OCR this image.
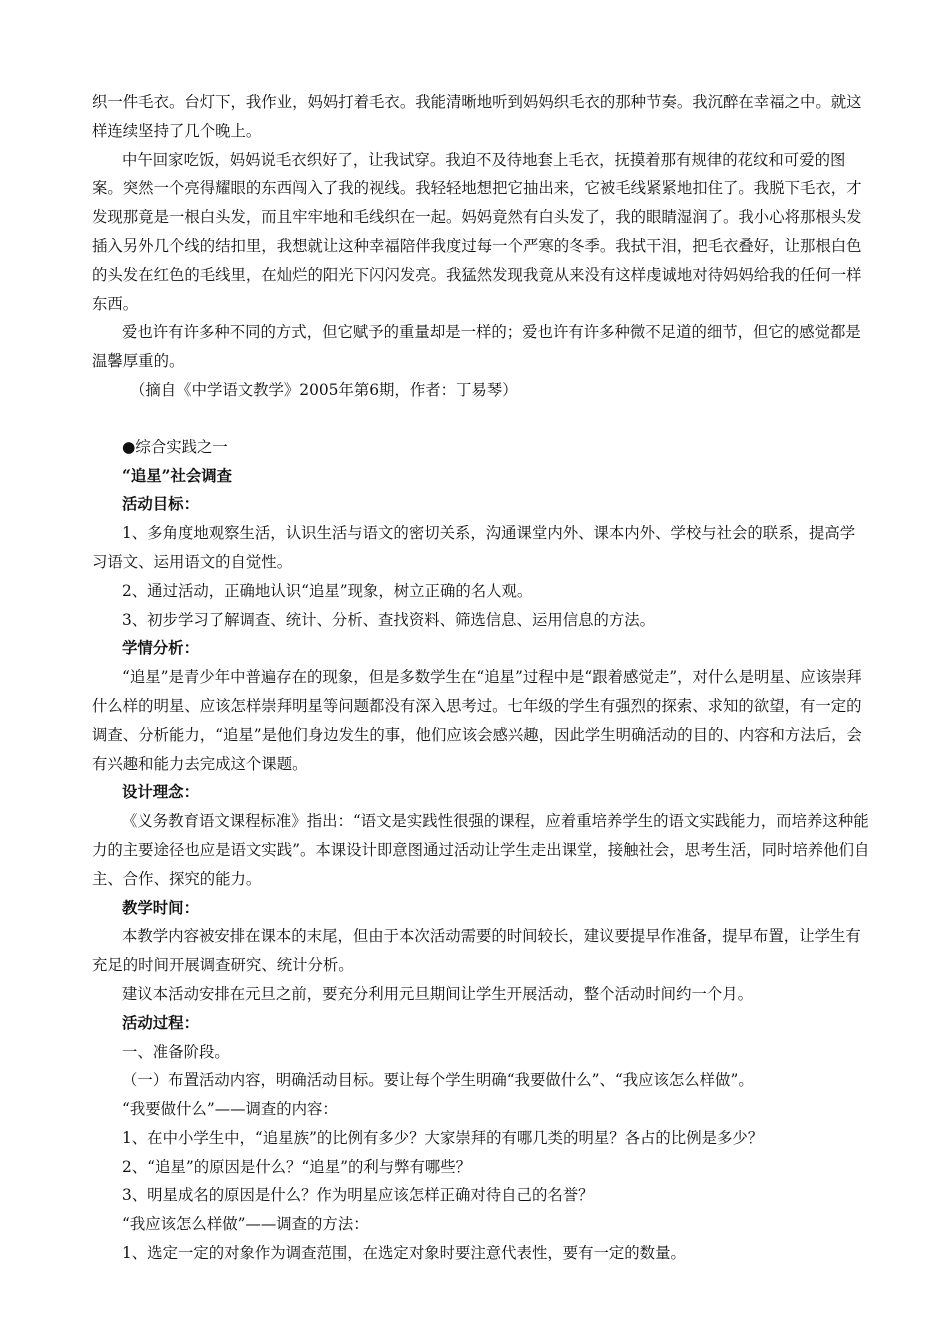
织一件毛衣。台灯下，我作业，妈妈打着毛衣。我能清晰地听到妈妈织毛衣的那种节奏。我沉醉在幸福之中。就这样连续坚持了几个晚上。

中午回家吃饭，妈妈说毛衣织好了，让我试穿。我迫不及待地套上毛衣，抚摸着那有规律的花纹和可爱的图案。突然一个亮得耀眼的东西闯入了我的视线。我轻轻地想把它抽出来，它被毛线紧紧地扣住了。我脱下毛衣，才发现那竟是一根白头发，而且牢牢地和毛线织在一起。妈妈竟然有白头发了，我的眼睛湿润了。我小心将那根头发插入另外几个线的结扣里，我想就让这种幸福陪伴我度过每一个严寒的冬季。我拭干泪，把毛衣叠好，让那根白色的头发在红色的毛线里，在灿烂的阳光下闪闪发亮。我猛然发现我竟从来没有这样虔诚地对待妈妈给我的任何一样东西。

爱也许有许多种不同的方式，但它赋予的重量却是一样的；爱也许有许多种微不足道的细节，但它的感觉都是温馨厚重的。

（摘自《中学语文教学》2005年第6期，作者：丁易琴）

●综合实践之一

“追星”社会调查

活动目标：

1、多角度地观察生活，认识生活与语文的密切关系，沟通课堂内外、课本内外、学校与社会的联系，提高学习语文、运用语文的自觉性。

2、通过活动，正确地认识“追星”现象，树立正确的名人观。

3、初步学习了解调查、统计、分析、查找资料、筛选信息、运用信息的方法。

学情分析：

“追星”是青少年中普遍存在的现象，但是多数学生在“追星”过程中是“跟着感觉走”，对什么是明星、应该崇拜什么样的明星、应该怎样崇拜明星等问题都没有深入思考过。七年级的学生有强烈的探索、求知的欲望，有一定的调查、分析能力，“追星”是他们身边发生的事，他们应该会感兴趣，因此学生明确活动的目的、内容和方法后，会有兴趣和能力去完成这个课题。

设计理念：

《义务教育语文课程标准》指出：“语文是实践性很强的课程，应着重培养学生的语文实践能力，而培养这种能力的主要途径也应是语文实践”。本课设计即意图通过活动让学生走出课堂，接触社会，思考生活，同时培养他们自主、合作、探究的能力。

教学时间：

本教学内容被安排在课本的末尾，但由于本次活动需要的时间较长，建议要提早作准备，提早布置，让学生有充足的时间开展调查研究、统计分析。

建议本活动安排在元旦之前，要充分利用元旦期间让学生开展活动，整个活动时间约一个月。

活动过程：

一、准备阶段。

（一）布置活动内容，明确活动目标。要让每个学生明确“我要做什么”、“我应该怎么样做”。

“我要做什么”——调查的内容：

1、在中小学生中，“追星族”的比例有多少？大家崇拜的有哪几类的明星？各占的比例是多少？

2、“追星”的原因是什么？“追星”的利与弊有哪些？

3、明星成名的原因是什么？作为明星应该怎样正确对待自己的名誉？

“我应该怎么样做”——调查的方法：

1、选定一定的对象作为调查范围，在选定对象时要注意代表性，要有一定的数量。
